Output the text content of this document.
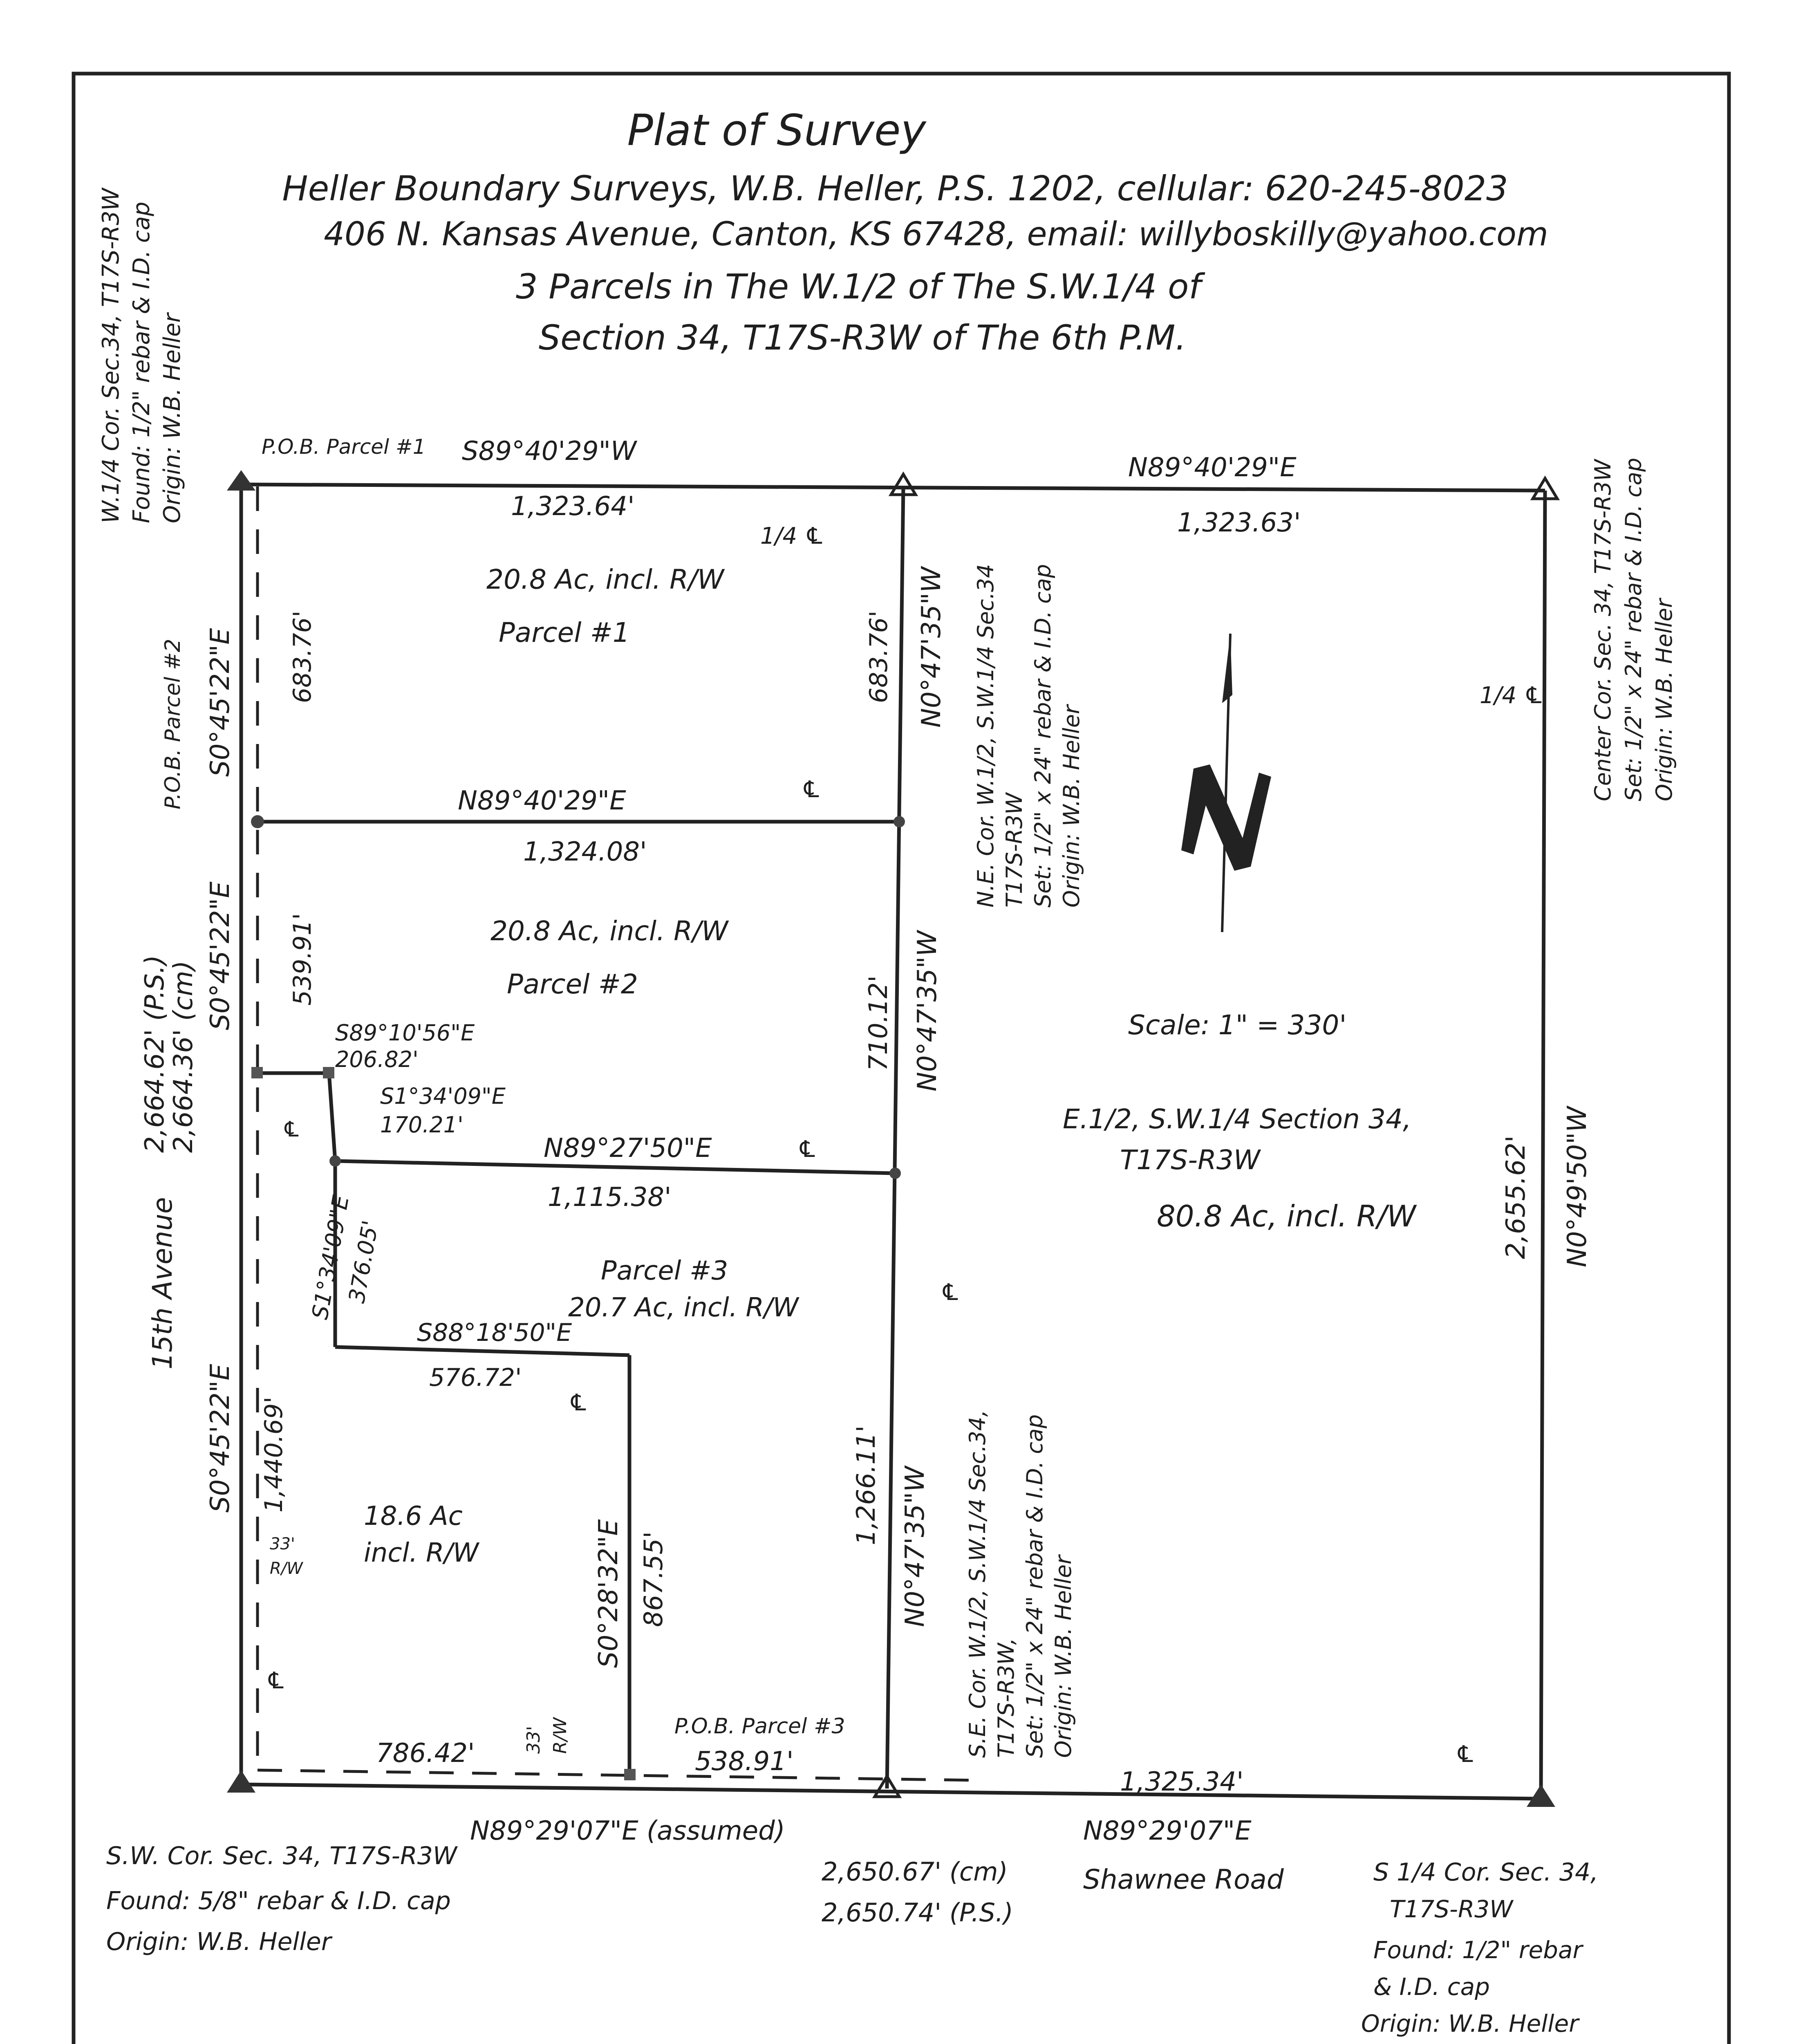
Plat of Survey
Heller Boundary Surveys, W.B. Heller, P.S. 1202, cellular: 620-245-8023
406 N. Kansas Avenue, Canton, KS 67428, email: willyboskilly@yahoo.com
3 Parcels in The W.1/2 of The S.W.1/4 of
Section 34, T17S-R3W of The 6th P.M.
W.1/4 Cor. Sec.34, T17S-R3W Found: 1/2" rebar & I.D. cap Origin: W.B. Heller
Scale: 1" = 330'
P.O.B. Parcel #1 S89°40'29"W
1,323.64'
N89°40'29"E
1,323.63'
1/4 ℄
1/4 ℄
20.8 Ac, incl. R/W
Parcel #1
N89°40'29"E
1,324.08'
℄
683.76'
S0°45'22"E
P.O.B. Parcel #2
S0°45'22"E 539.91'
2,664.62' (P.S.)
2,664.36' (cm)
15th Avenue
S0°45'22"E 1,440.69'
33'
R/W
℄
20.8 Ac, incl. R/W
Parcel #2
S89°10'56"E
206.82'
S1°34'09"E
170.21'
℄
N89°27'50"E
1,115.38'
℄
S1°34'09"E
376.05'	Parcel #3
20.7 Ac, incl. R/W
S88°18'50"E
576.72'
℄
S0°28'32"E 867.55'
18.6 Ac
incl. R/W
683.76' N0°47'35"W
710.12' N0°47'35"W
1,266.11' N0°47'35"W
℄
N.E. Cor. W.1/2, S.W.1/4 Sec.34 T17S-R3W Set: 1/2" x 24" rebar & I.D. cap Origin: W.B. Heller
S.E. Cor. W.1/2, S.W.1/4 Sec.34, T17S-R3W, Set: 1/2" x 24" rebar & I.D. cap Origin: W.B. Heller
E.1/2, S.W.1/4 Section 34,
T17S-R3W
80.8 Ac, incl. R/W	2,655.62' N0°49'50"W
Center Cor. Sec. 34, T17S-R3W Set: 1/2" x 24" rebar & I.D. cap Origin: W.B. Heller
786.42'	33' R/W	P.O.B. Parcel #3
538.91'
1,325.34'
℄
N89°29'07"E (assumed)	N89°29'07"E
2,650.67' (cm)
2,650.74' (P.S.)
Shawnee Road
S.W. Cor. Sec. 34, T17S-R3W
Found: 5/8" rebar & I.D. cap
Origin: W.B. Heller
S 1/4 Cor. Sec. 34,
T17S-R3W
Found: 1/2" rebar
& I.D. cap
Origin: W.B. Heller
